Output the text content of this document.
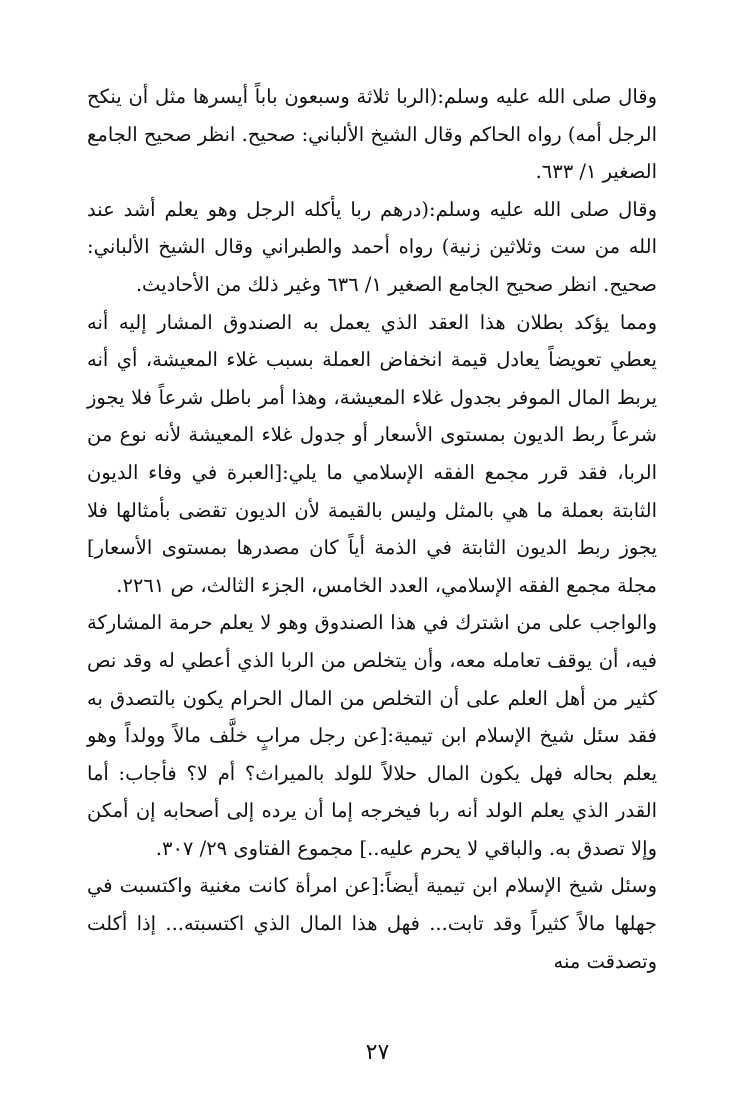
وقال صلى الله عليه وسلم:(الربا ثلاثة وسبعون باباً أيسرها مثل أن ينكح الرجل أمه) رواه الحاكم وقال الشيخ الألباني: صحيح. انظر صحيح الجامع الصغير ١/ ٦٣٣.

وقال صلى الله عليه وسلم:(درهم ربا يأكله الرجل وهو يعلم أشد عند الله من ست وثلاثين زنية) رواه أحمد والطبراني وقال الشيخ الألباني: صحيح. انظر صحيح الجامع الصغير ١/ ٦٣٦ وغير ذلك من الأحاديث.

ومما يؤكد بطلان هذا العقد الذي يعمل به الصندوق المشار إليه أنه يعطي تعويضاً يعادل قيمة انخفاض العملة بسبب غلاء المعيشة، أي أنه يربط المال الموفر بجدول غلاء المعيشة، وهذا أمر باطل شرعاً فلا يجوز شرعاً ربط الديون بمستوى الأسعار أو جدول غلاء المعيشة لأنه نوع من الربا، فقد قرر مجمع الفقه الإسلامي ما يلي:[العبرة في وفاء الديون الثابتة بعملة ما هي بالمثل وليس بالقيمة لأن الديون تقضى بأمثالها فلا يجوز ربط الديون الثابتة في الذمة أياً كان مصدرها بمستوى الأسعار] مجلة مجمع الفقه الإسلامي، العدد الخامس، الجزء الثالث، ص ٢٢٦١.

والواجب على من اشترك في هذا الصندوق وهو لا يعلم حرمة المشاركة فيه، أن يوقف تعامله معه، وأن يتخلص من الربا الذي أعطي له وقد نص كثير من أهل العلم على أن التخلص من المال الحرام يكون بالتصدق به فقد سئل شيخ الإسلام ابن تيمية:[عن رجل مرابٍ خلَّف مالاً وولداً وهو يعلم بحاله فهل يكون المال حلالاً للولد بالميراث؟ أم لا؟ فأجاب: أما القدر الذي يعلم الولد أنه ربا فيخرجه إما أن يرده إلى أصحابه إن أمكن وإلا تصدق به. والباقي لا يحرم عليه..] مجموع الفتاوى ٢٩/ ٣٠٧.

وسئل شيخ الإسلام ابن تيمية أيضاً:[عن امرأة كانت مغنية واكتسبت في جهلها مالاً كثيراً وقد تابت... فهل هذا المال الذي اكتسبته... إذا أكلت وتصدقت منه

٢٧
